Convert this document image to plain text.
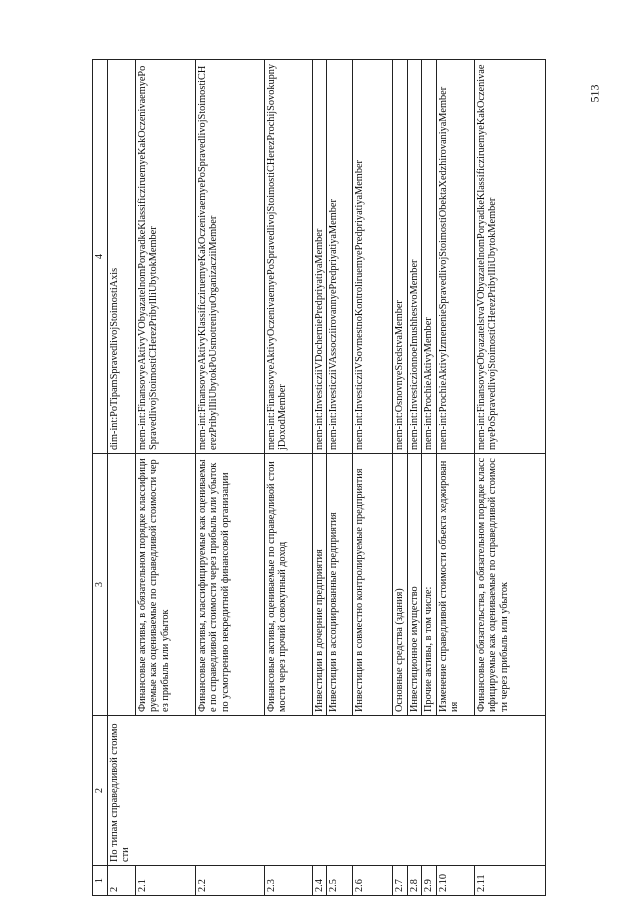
513
1	2	3	4
2	По типам справедливой стоимости		dim-int:PoTipamSpravedlivojStoimostiAxis
2.1		Финансовые активы, в обязательном порядке классифицируемые как оцениваемые по справедливой стоимости через прибыль или убыток	mem-int:FinansovyeAktivyVObyazatelnomPoryadkeKlassificziruemyeKakOczenivaemyePoSpravedlivojStoimostiCHerezPribylIliUbytokMember
2.2		Финансовые активы, классифицируемые как оцениваемые по справедливой стоимости через прибыль или убыток по усмотрению некредитной финансовой организации	mem-int:FinansovyeAktivyKlassificziruemyeKakOczenivaemyePoSpravedlivojStoimostiCHerezPribylIliUbytokPoUsmotreniyuOrganizacziiMember
2.3		Финансовые активы, оцениваемые по справедливой стоимости через прочий совокупный доход	mem-int:FinansovyeAktivyOczenivaemyePoSpravedlivojStoimostiCHerezProchijSovokupnyjDoxodMember
2.4		Инвестиции в дочерние предприятия	mem-int:InvesticziiVDocherniePredpriyatiyaMember
2.5		Инвестиции в ассоциированные предприятия	mem-int:InvesticziiVAssocziirovannyePredpriyatiyaMember
2.6		Инвестиции в совместно контролируемые предприятия	mem-int:InvesticziiVSovmestnoKontroliruemyePredpriyatiyaMember
2.7		Основные средства (здания)	mem-int:OsnovnyeSredstvaMember
2.8		Инвестиционное имущество	mem-int:InvesticzionnoeImushhestvoMember
2.9		Прочие активы, в том числе:	mem-int:ProchieAktivyMember
2.10		Изменение справедливой стоимости объекта хеджирования	mem-int:ProchieAktivyIzmenenieSpravedlivojStoimostiObektaXedzhirovaniyaMember
2.11		Финансовые обязательства, в обязательном порядке классифицируемые как оцениваемые по справедливой стоимости через прибыль или убыток	mem-int:FinansovyeObyazatelstvaVObyazatelnomPoryadkeKlassificziruemyeKakOczenivaemyePoSpravedlivojStoimostiCHerezPribylIliUbytokMember
